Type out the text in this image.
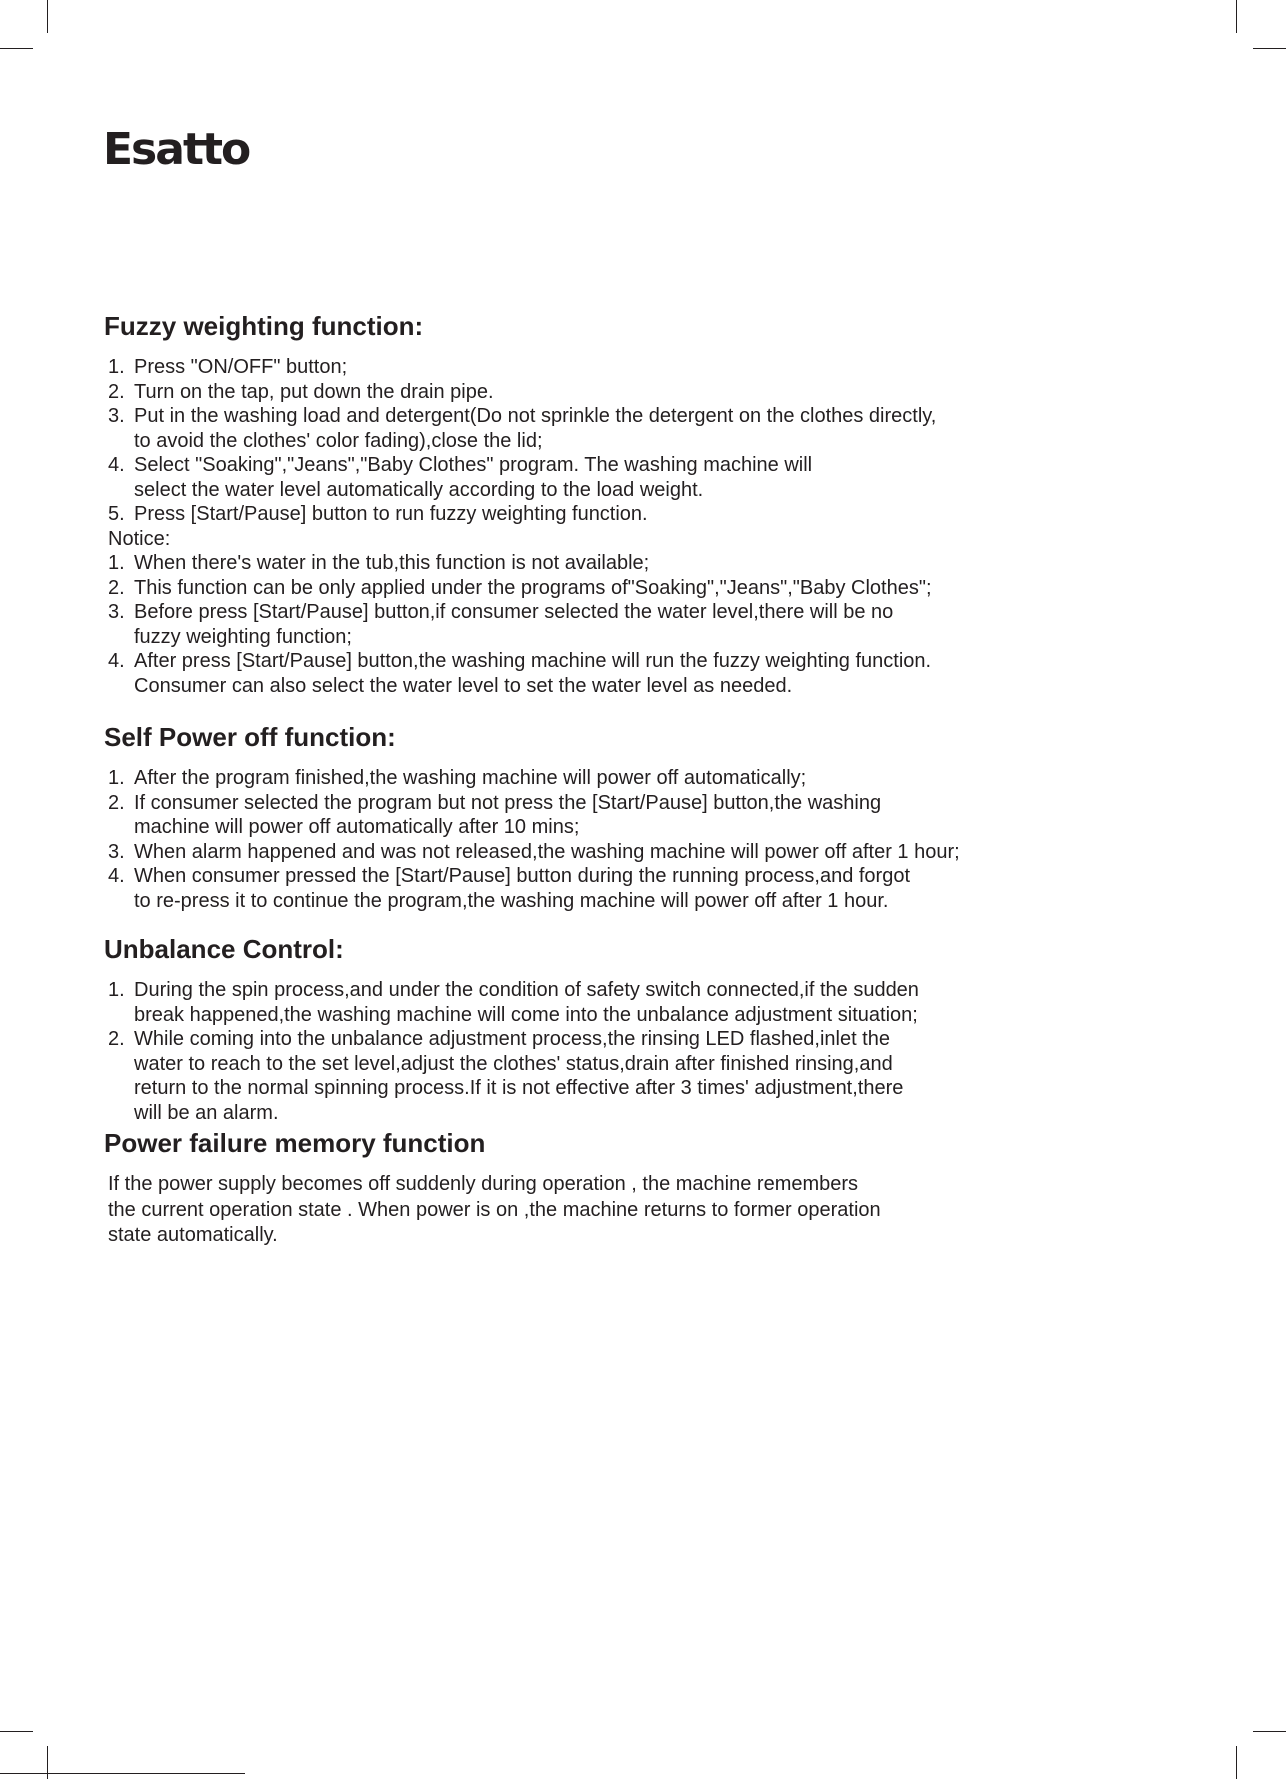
Esatto
Fuzzy weighting function:
1. Press "ON/OFF" button;
2. Turn on the tap, put down the drain pipe.
3. Put in the washing load and detergent(Do not sprinkle the detergent on the clothes directly,
to avoid the clothes' color fading),close the lid;
4. Select "Soaking","Jeans","Baby Clothes" program. The washing machine will
select the water level automatically according to the load weight.
5. Press [Start/Pause] button to run fuzzy weighting function.
Notice:
1. When there's water in the tub,this function is not available;
2. This function can be only applied under the programs of"Soaking","Jeans","Baby Clothes";
3. Before press [Start/Pause] button,if consumer selected the water level,there will be no
fuzzy weighting function;
4. After press [Start/Pause] button,the washing machine will run the fuzzy weighting function.
Consumer can also select the water level to set the water level as needed.
Self Power off function:
1. After the program finished,the washing machine will power off automatically;
2. If consumer selected the program but not press the [Start/Pause] button,the washing
machine will power off automatically after 10 mins;
3. When alarm happened and was not released,the washing machine will power off after 1 hour;
4. When consumer pressed the [Start/Pause] button during the running process,and forgot
to re-press it to continue the program,the washing machine will power off after 1 hour.
Unbalance Control:
1. During the spin process,and under the condition of safety switch connected,if the sudden
break happened,the washing machine will come into the unbalance adjustment situation;
2. While coming into the unbalance adjustment process,the rinsing LED flashed,inlet the
water to reach to the set level,adjust the clothes' status,drain after finished rinsing,and
return to the normal spinning process.If it is not effective after 3 times' adjustment,there
will be an alarm.
Power failure memory function

If the power supply becomes off suddenly during operation , the machine remembers

the current operation state . When power is on ,the machine returns to former operation

state automatically.
